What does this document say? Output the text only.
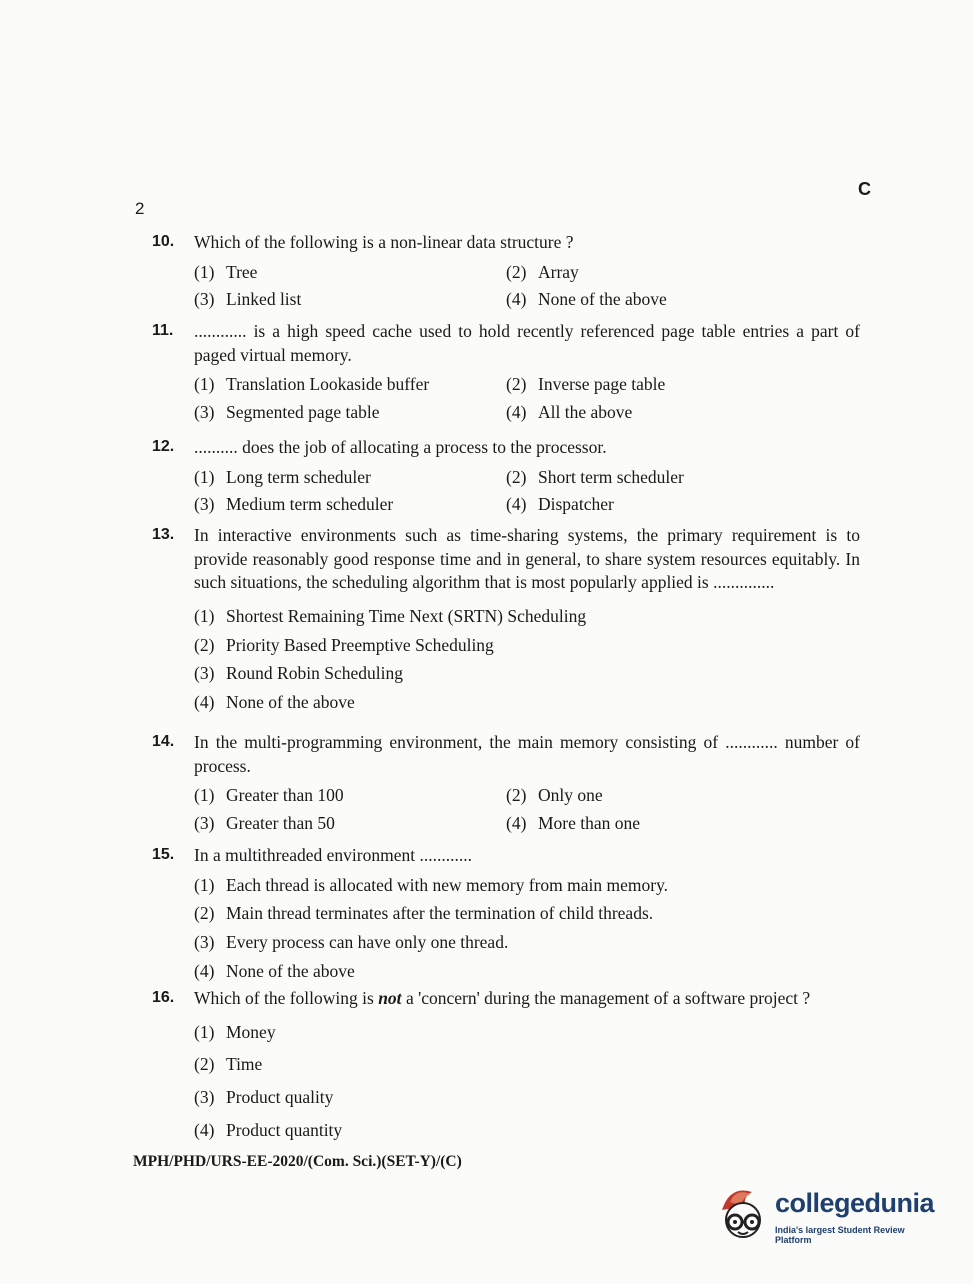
2
C
10. Which of the following is a non-linear data structure ?
(1) Tree	(2) Array
(3) Linked list	(4) None of the above
11. ............ is a high speed cache used to hold recently referenced page table entries a part of paged virtual memory.
(1) Translation Lookaside buffer	(2) Inverse page table
(3) Segmented page table	(4) All the above
12. .......... does the job of allocating a process to the processor.
(1) Long term scheduler	(2) Short term scheduler
(3) Medium term scheduler	(4) Dispatcher
13. In interactive environments such as time-sharing systems, the primary requirement is to provide reasonably good response time and in general, to share system resources equitably. In such situations, the scheduling algorithm that is most popularly applied is ..............
(1) Shortest Remaining Time Next (SRTN) Scheduling
(2) Priority Based Preemptive Scheduling
(3) Round Robin Scheduling
(4) None of the above
14. In the multi-programming environment, the main memory consisting of ............ number of process.
(1) Greater than 100	(2) Only one
(3) Greater than 50	(4) More than one
15. In a multithreaded environment ............
(1) Each thread is allocated with new memory from main memory.
(2) Main thread terminates after the termination of child threads.
(3) Every process can have only one thread.
(4) None of the above
16. Which of the following is not a 'concern' during the management of a software project ?
(1) Money
(2) Time
(3) Product quality
(4) Product quantity
MPH/PHD/URS-EE-2020/(Com. Sci.)(SET-Y)/(C)
collegedunia
India's largest Student Review Platform
